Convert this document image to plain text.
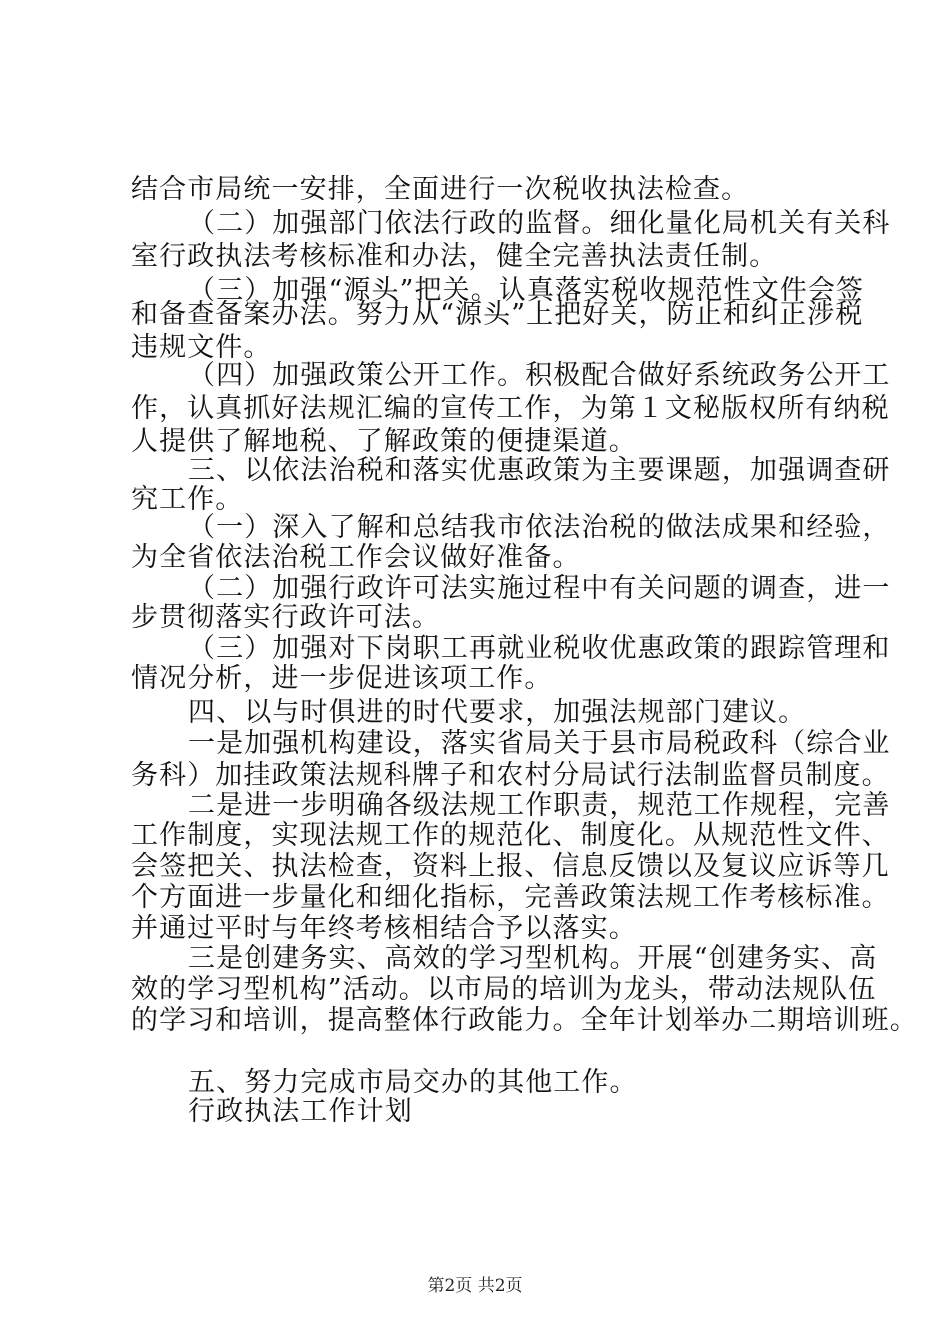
结合市局统一安排，全面进行一次税收执法检查。
（二）加强部门依法行政的监督。细化量化局机关有关科
室行政执法考核标准和办法，健全完善执法责任制。
（三）加强“源头”把关。认真落实税收规范性文件会签
和备查备案办法。努力从“源头”上把好关，防止和纠正涉税
违规文件。
（四）加强政策公开工作。积极配合做好系统政务公开工
作，认真抓好法规汇编的宣传工作，为第１文秘版权所有纳税
人提供了解地税、了解政策的便捷渠道。
三、以依法治税和落实优惠政策为主要课题，加强调查研
究工作。
（一）深入了解和总结我市依法治税的做法成果和经验，
为全省依法治税工作会议做好准备。
（二）加强行政许可法实施过程中有关问题的调查，进一
步贯彻落实行政许可法。
（三）加强对下岗职工再就业税收优惠政策的跟踪管理和
情况分析，进一步促进该项工作。
四、以与时俱进的时代要求，加强法规部门建议。
一是加强机构建设，落实省局关于县市局税政科（综合业
务科）加挂政策法规科牌子和农村分局试行法制监督员制度。
二是进一步明确各级法规工作职责，规范工作规程，完善
工作制度，实现法规工作的规范化、制度化。从规范性文件、
会签把关、执法检查，资料上报、信息反馈以及复议应诉等几
个方面进一步量化和细化指标，完善政策法规工作考核标准。
并通过平时与年终考核相结合予以落实。
三是创建务实、高效的学习型机构。开展“创建务实、高
效的学习型机构”活动。以市局的培训为龙头，带动法规队伍
的学习和培训，提高整体行政能力。全年计划举办二期培训班。
五、努力完成市局交办的其他工作。
行政执法工作计划
第2页 共2页
